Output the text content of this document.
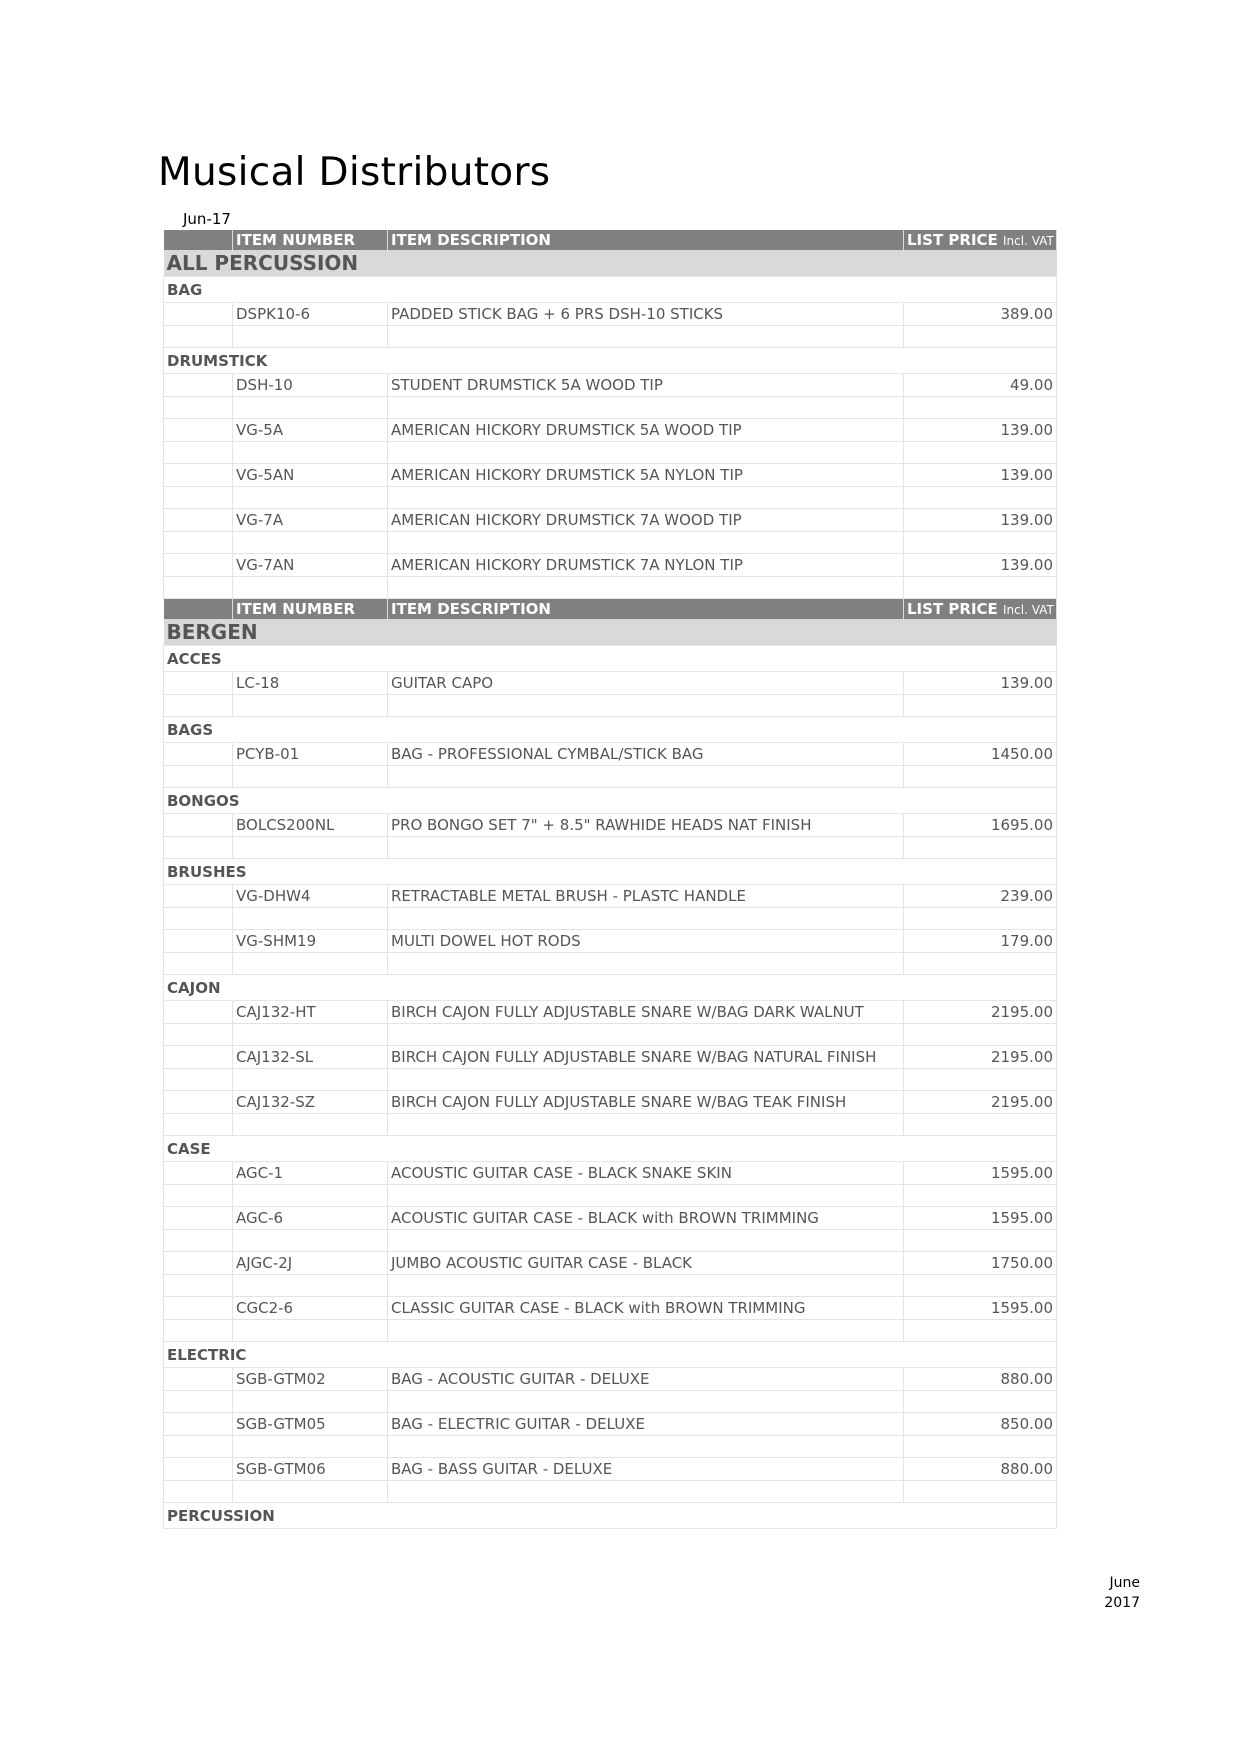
Musical Distributors
Jun-17
	ITEM NUMBER	ITEM DESCRIPTION	LIST PRICE Incl. VAT
ALL PERCUSSION			
BAG			
	DSPK10-6	PADDED STICK BAG + 6 PRS DSH-10 STICKS	389.00

DRUMSTICK			
	DSH-10	STUDENT DRUMSTICK 5A WOOD TIP	49.00

	VG-5A	AMERICAN HICKORY DRUMSTICK 5A WOOD TIP	139.00

	VG-5AN	AMERICAN HICKORY DRUMSTICK 5A NYLON TIP	139.00

	VG-7A	AMERICAN HICKORY DRUMSTICK 7A WOOD TIP	139.00

	VG-7AN	AMERICAN HICKORY DRUMSTICK 7A NYLON TIP	139.00

	ITEM NUMBER	ITEM DESCRIPTION	LIST PRICE Incl. VAT
BERGEN			
ACCES			
	LC-18	GUITAR CAPO	139.00

BAGS			
	PCYB-01	BAG - PROFESSIONAL CYMBAL/STICK BAG	1450.00

BONGOS			
	BOLCS200NL	PRO BONGO SET 7" + 8.5" RAWHIDE HEADS NAT FINISH	1695.00

BRUSHES			
	VG-DHW4	RETRACTABLE METAL BRUSH - PLASTC HANDLE	239.00

	VG-SHM19	MULTI DOWEL HOT RODS	179.00

CAJON			
	CAJ132-HT	BIRCH CAJON FULLY ADJUSTABLE SNARE W/BAG DARK WALNUT	2195.00

	CAJ132-SL	BIRCH CAJON FULLY ADJUSTABLE SNARE W/BAG NATURAL FINISH	2195.00

	CAJ132-SZ	BIRCH CAJON FULLY ADJUSTABLE SNARE W/BAG TEAK FINISH	2195.00

CASE			
	AGC-1	ACOUSTIC GUITAR CASE - BLACK SNAKE SKIN	1595.00

	AGC-6	ACOUSTIC GUITAR CASE - BLACK with BROWN TRIMMING	1595.00

	AJGC-2J	JUMBO ACOUSTIC GUITAR CASE - BLACK	1750.00

	CGC2-6	CLASSIC GUITAR CASE - BLACK with BROWN TRIMMING	1595.00

ELECTRIC			
	SGB-GTM02	BAG - ACOUSTIC GUITAR - DELUXE	880.00

	SGB-GTM05	BAG - ELECTRIC GUITAR - DELUXE	850.00

	SGB-GTM06	BAG - BASS GUITAR - DELUXE	880.00

PERCUSSION			
June
2017
